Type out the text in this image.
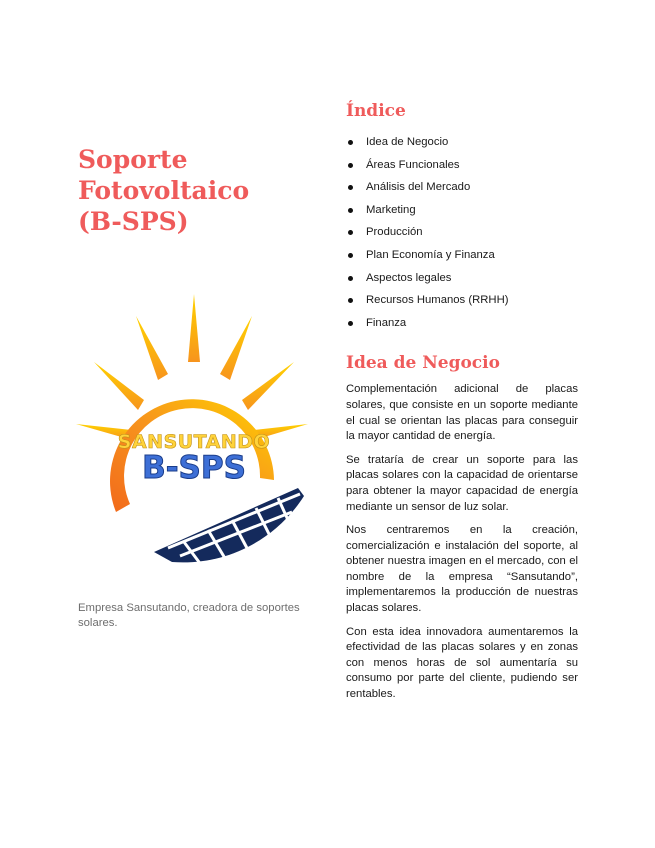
Soporte
Fotovoltaico
(B-SPS)
SANSUTANDO
B-SPS

Empresa Sansutando, creadora de soportes solares.

Índice
Idea de Negocio
Áreas Funcionales
Análisis del Mercado
Marketing
Producción
Plan Economía y Finanza
Aspectos legales
Recursos Humanos (RRHH)
Finanza
Idea de Negocio

Complementación adicional de placas solares, que consiste en un soporte mediante el cual se orientan las placas para conseguir la mayor cantidad de energía.

Se trataría de crear un soporte para las placas solares con la capacidad de orientarse para obtener la mayor capacidad de energía mediante un sensor de luz solar.

Nos centraremos en la creación, comercialización e instalación del soporte, al obtener nuestra imagen en el mercado, con el nombre de la empresa “Sansutando”, implementaremos la producción de nuestras placas solares.

Con esta idea innovadora aumentaremos la efectividad de las placas solares y en zonas con menos horas de sol aumentaría su consumo por parte del cliente, pudiendo ser rentables.
